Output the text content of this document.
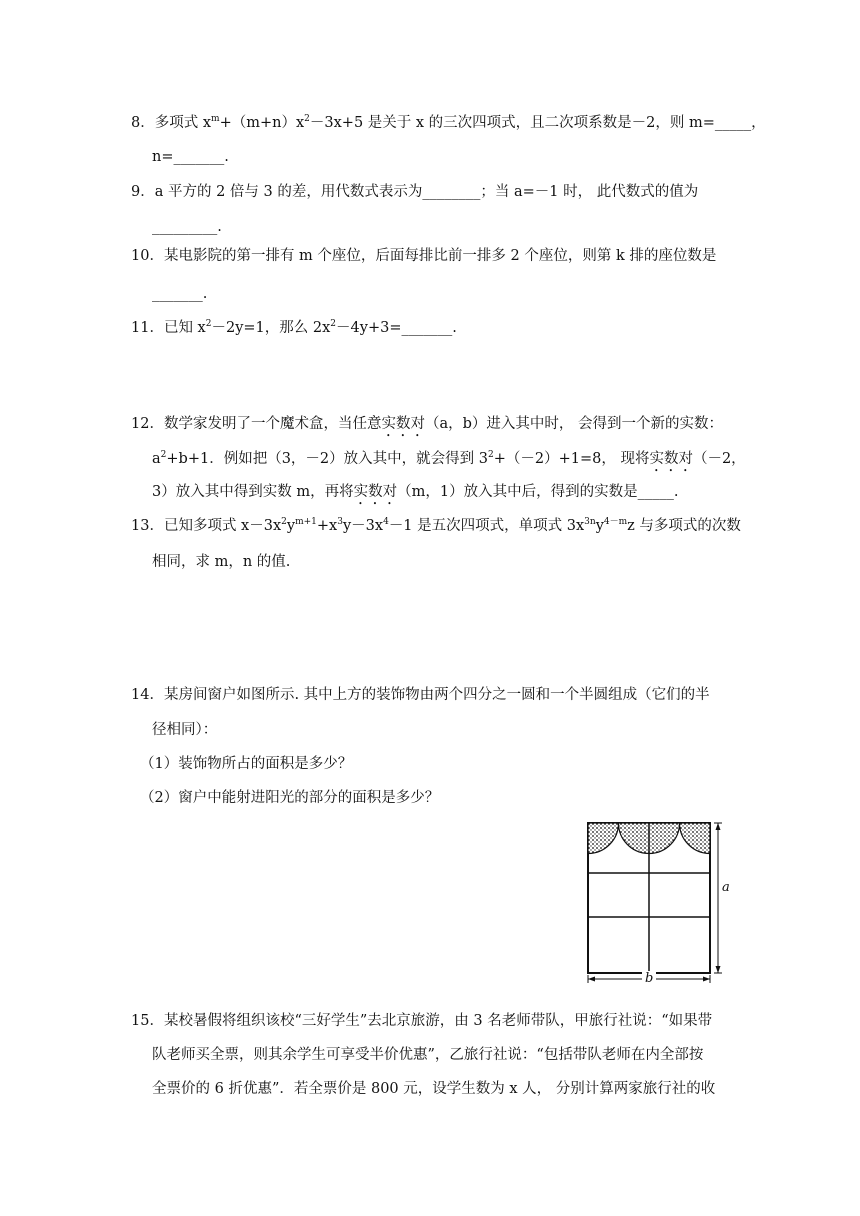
8．多项式 $x^m+(m+n)x^2-3x+5$ 是关于 x 的三次四项式，且二次项系数是－2，则 m=_____，
n=_______.
9．a 平方的 2 倍与 3 的差，用代数式表示为________；当 a=－1 时， 此代数式的值为
_________.
10．某电影院的第一排有 m 个座位，后面每排比前一排多 2 个座位，则第 k 排的座位数是
_______.
11．已知 $x^2-2y=1$，那么 $2x^2-4y+3=\_\_\_\_\_\_\_$.
12．数学家发明了一个魔术盒，当任意实数对（a，b）进入其中时， 会得到一个新的实数：
$a^2+b+1$．例如把（3，－2）放入其中，就会得到 $3^2+(-2)+1=8$， 现将实数对（－2，
3）放入其中得到实数 m，再将实数对（m，1）放入其中后，得到的实数是_____.
13．已知多项式 $x-3x^2y^{m+1}+x^3y-3x^4-1$ 是五次四项式，单项式 $3x^{3n}y^{4-m}z$ 与多项式的次数
相同，求 m，n 的值.
14．某房间窗户如图所示. 其中上方的装饰物由两个四分之一圆和一个半圆组成（它们的半
径相同）：
（1）装饰物所占的面积是多少？
（2）窗户中能射进阳光的部分的面积是多少？
a
b
15．某校暑假将组织该校“三好学生”去北京旅游，由 3 名老师带队，甲旅行社说：“如果带
队老师买全票，则其余学生可享受半价优惠”，乙旅行社说：“包括带队老师在内全部按
全票价的 6 折优惠”．若全票价是 800 元，设学生数为 x 人， 分别计算两家旅行社的收
